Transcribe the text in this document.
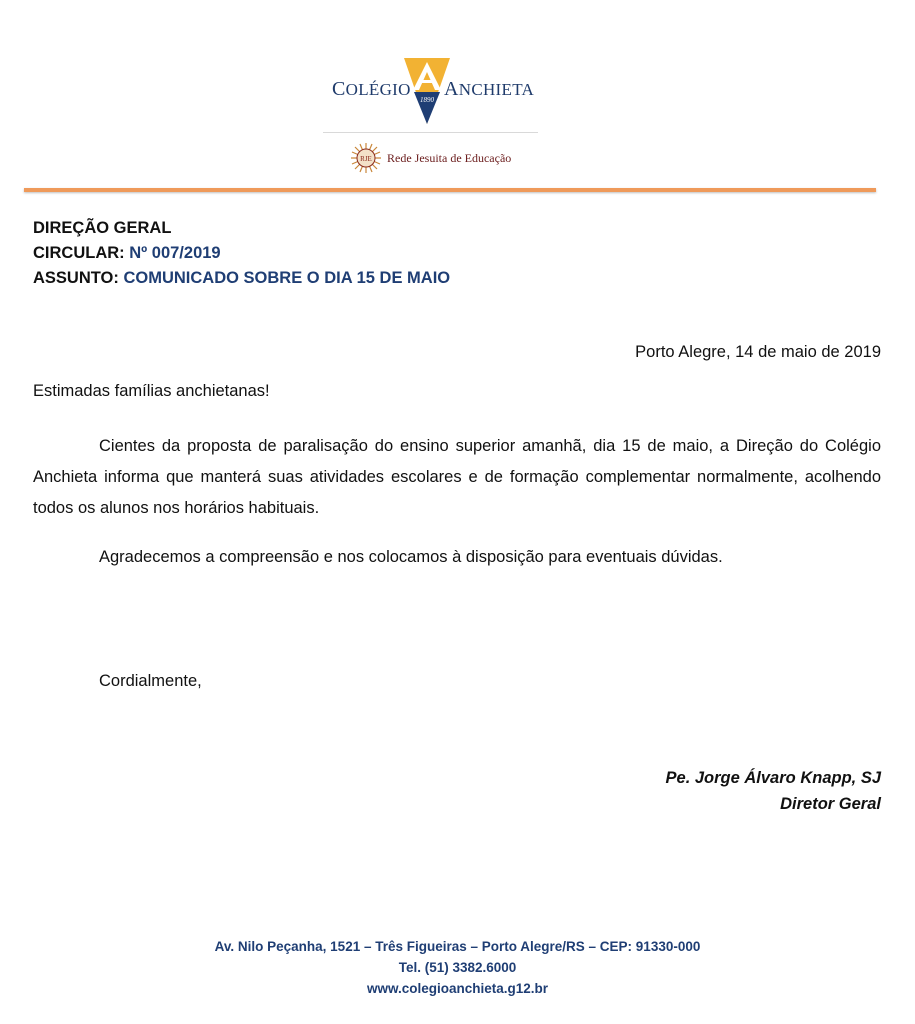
COLÉGIO
1890 ANCHIETA
RJE Rede Jesuita de Educação
DIREÇÃO GERAL
CIRCULAR: Nº 007/2019
ASSUNTO: COMUNICADO SOBRE O DIA 15 DE MAIO
Porto Alegre, 14 de maio de 2019
Estimadas famílias anchietanas!
Cientes da proposta de paralisação do ensino superior amanhã, dia 15 de maio, a Direção do Colégio Anchieta informa que manterá suas atividades escolares e de formação complementar normalmente, acolhendo todos os alunos nos horários habituais.
Agradecemos a compreensão e nos colocamos à disposição para eventuais dúvidas.
Cordialmente,
Pe. Jorge Álvaro Knapp, SJ
Diretor Geral
Av. Nilo Peçanha, 1521 – Três Figueiras – Porto Alegre/RS – CEP: 91330-000
Tel. (51) 3382.6000
www.colegioanchieta.g12.br
